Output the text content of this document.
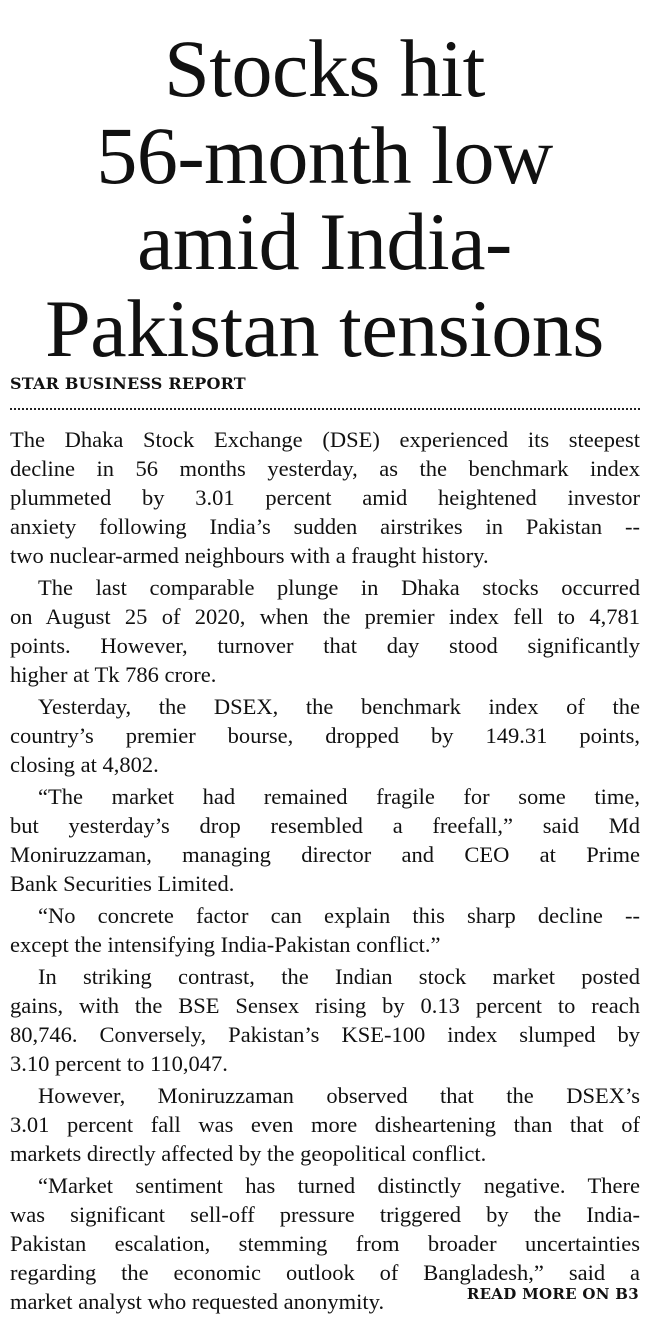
Stocks hit
56-month low
amid India-
Pakistan tensions
STAR BUSINESS REPORT

The Dhaka Stock Exchange (DSE) experienced its steepest
decline in 56 months yesterday, as the benchmark index
plummeted by 3.01 percent amid heightened investor
anxiety following India’s sudden airstrikes in Pakistan --
two nuclear-armed neighbours with a fraught history.

The last comparable plunge in Dhaka stocks occurred
on August 25 of 2020, when the premier index fell to 4,781
points. However, turnover that day stood significantly
higher at Tk 786 crore.

Yesterday, the DSEX, the benchmark index of the
country’s premier bourse, dropped by 149.31 points,
closing at 4,802.

“The market had remained fragile for some time,
but yesterday’s drop resembled a freefall,” said Md
Moniruzzaman, managing director and CEO at Prime
Bank Securities Limited.

“No concrete factor can explain this sharp decline --
except the intensifying India-Pakistan conflict.”

In striking contrast, the Indian stock market posted
gains, with the BSE Sensex rising by 0.13 percent to reach
80,746. Conversely, Pakistan’s KSE-100 index slumped by
3.10 percent to 110,047.

However, Moniruzzaman observed that the DSEX’s
3.01 percent fall was even more disheartening than that of
markets directly affected by the geopolitical conflict.

“Market sentiment has turned distinctly negative. There
was significant sell-off pressure triggered by the India-
Pakistan escalation, stemming from broader uncertainties
regarding the economic outlook of Bangladesh,” said a
market analyst who requested anonymity.	READ MORE ON B3
